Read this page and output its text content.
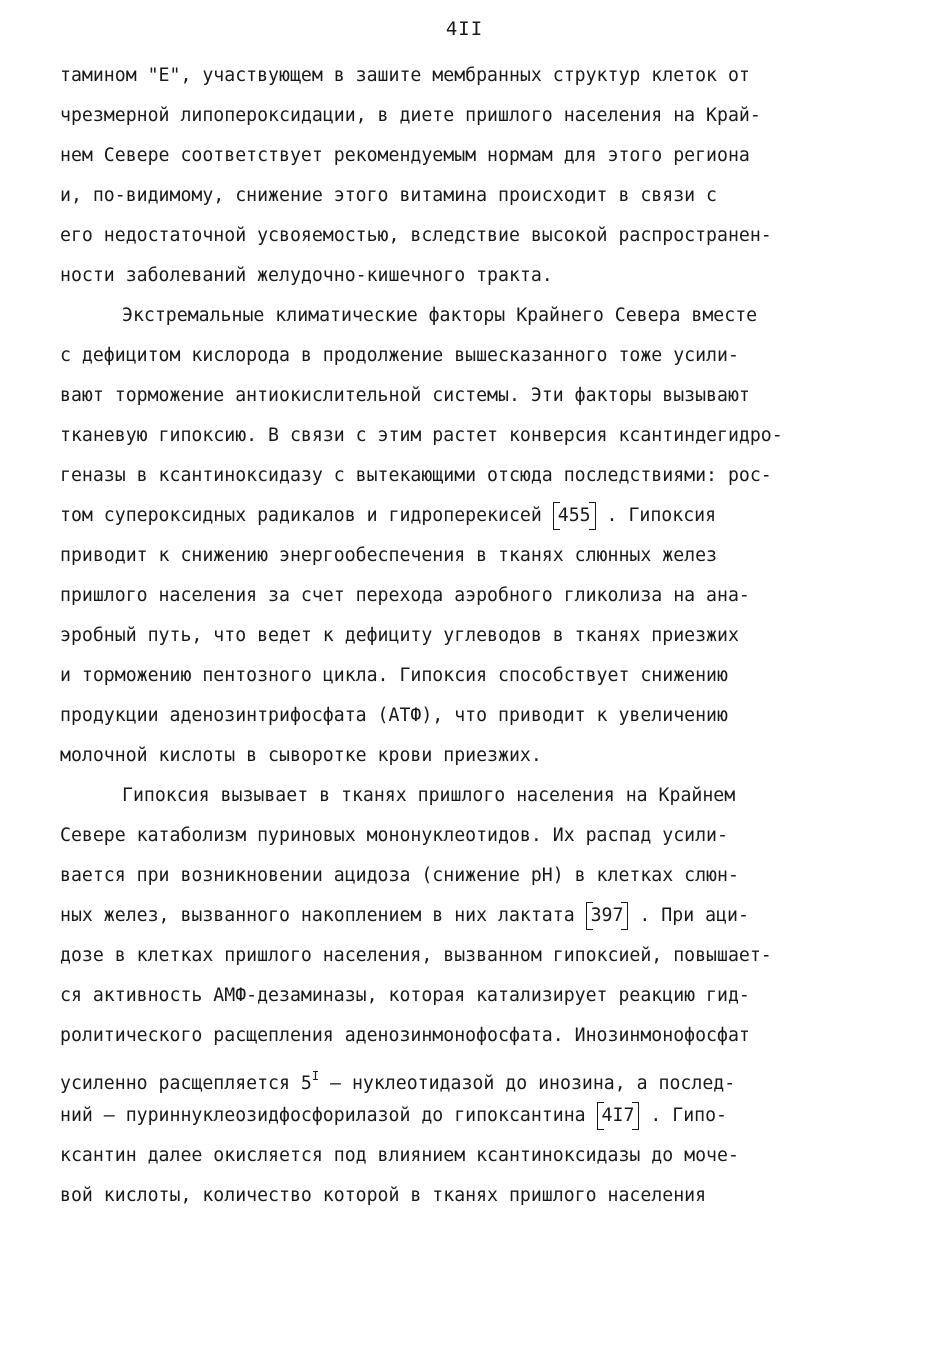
4II
тамином "Е", участвующем в зашите мембранных структур клеток от
чрезмерной липопероксидации, в диете пришлого населения на Край-
нем Севере соответствует рекомендуемым нормам для этого региона
и, по-видимому, снижение этого витамина происходит в связи с
его недостаточной усвояемостью, вследствие высокой распространен-
ности заболеваний желудочно-кишечного тракта.
Экстремальные климатические факторы Крайнего Севера вместе
с дефицитом кислорода в продолжение вышесказанного тоже усили-
вают торможение антиокислительной системы. Эти факторы вызывают
тканевую гипоксию. В связи с этим растет конверсия ксантиндегидро-
геназы в ксантиноксидазу с вытекающими отсюда последствиями: рос-
том супероксидных радикалов и гидроперекисей 455 . Гипоксия
приводит к снижению энергообеспечения в тканях слюнных желез
пришлого населения за счет перехода аэробного гликолиза на ана-
эробный путь, что ведет к дефициту углеводов в тканях приезжих
и торможению пентозного цикла. Гипоксия способствует снижению
продукции аденозинтрифосфата (АТФ), что приводит к увеличению
молочной кислоты в сыворотке крови приезжих.
Гипоксия вызывает в тканях пришлого населения на Крайнем
Севере катаболизм пуриновых мононуклеотидов. Их распад усили-
вается при возникновении ацидоза (снижение рН) в клетках слюн-
ных желез, вызванного накоплением в них лактата 397 . При аци-
дозе в клетках пришлого населения, вызванном гипоксией, повышает-
ся активность АМФ-дезаминазы, которая катализирует реакцию гид-
ролитического расщепления аденозинмонофосфата. Инозинмонофосфат
усиленно расщепляется $5^I$ – нуклеотидазой до инозина, а послед-
ний – пуриннуклеозидфосфорилазой до гипоксантина 4I7 . Гипо-
ксантин далее окисляется под влиянием ксантиноксидазы до моче-
вой кислоты, количество которой в тканях пришлого населения
